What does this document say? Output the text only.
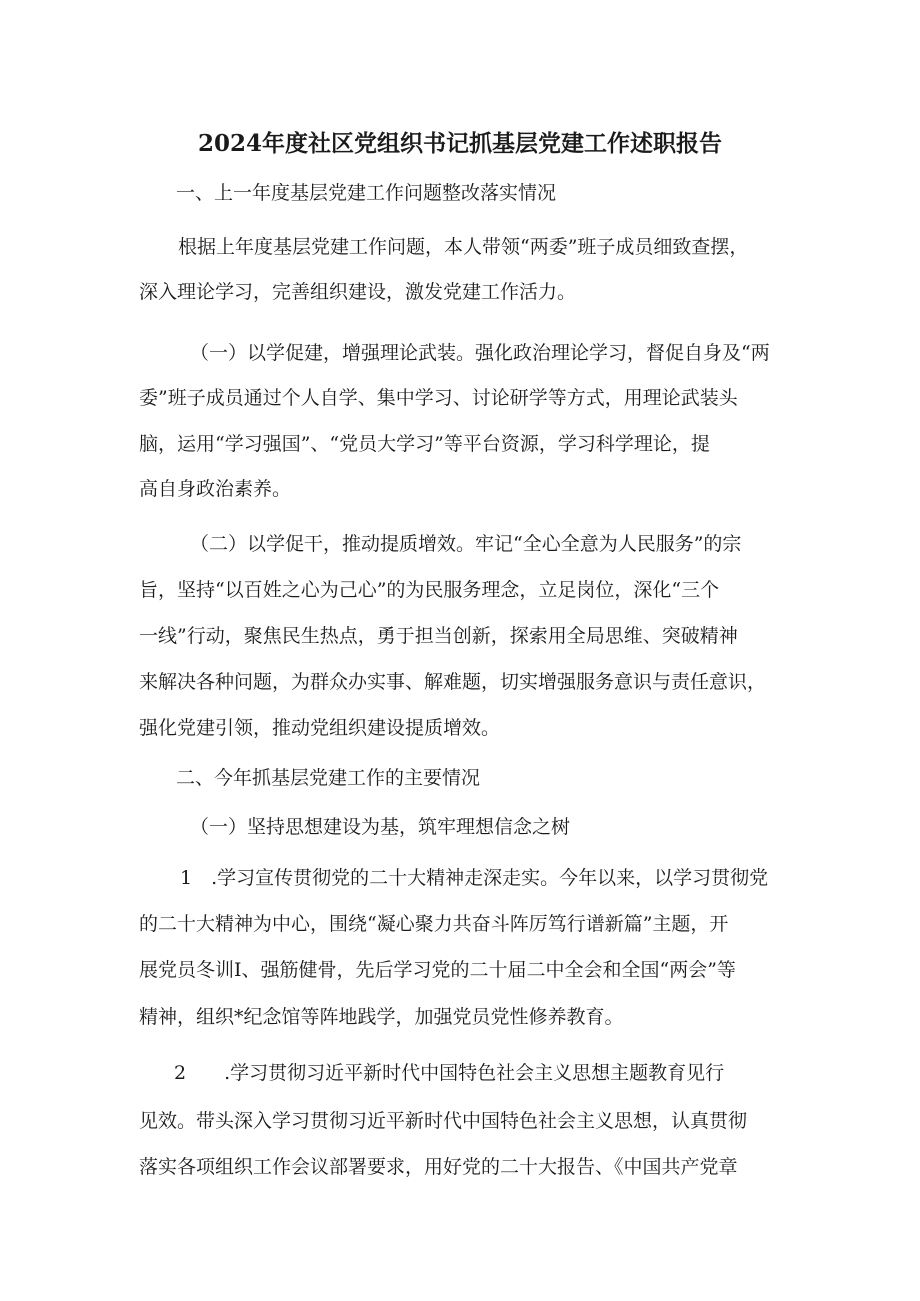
2024年度社区党组织书记抓基层党建工作述职报告
一、上一年度基层党建工作问题整改落实情况
根据上年度基层党建工作问题，本人带领“两委”班子成员细致查摆，
深入理论学习，完善组织建设，激发党建工作活力。
（一）以学促建，增强理论武装。强化政治理论学习，督促自身及“两
委”班子成员通过个人自学、集中学习、讨论研学等方式，用理论武装头
脑，运用“学习强国”、“党员大学习”等平台资源，学习科学理论，提
高自身政治素养。
（二）以学促干，推动提质增效。牢记“全心全意为人民服务”的宗
旨，坚持“以百姓之心为己心”的为民服务理念，立足岗位，深化“三个
一线”行动，聚焦民生热点，勇于担当创新，探索用全局思维、突破精神
来解决各种问题，为群众办实事、解难题，切实增强服务意识与责任意识，
强化党建引领，推动党组织建设提质增效。
二、今年抓基层党建工作的主要情况
（一）坚持思想建设为基，筑牢理想信念之树
1　.学习宣传贯彻党的二十大精神走深走实。今年以来，以学习贯彻党
的二十大精神为中心，围绕“凝心聚力共奋斗阵厉笃行谱新篇”主题，开
展党员冬训I、强筋健骨，先后学习党的二十届二中全会和全国“两会”等
精神，组织*纪念馆等阵地践学，加强党员党性修养教育。
2　　.学习贯彻习近平新时代中国特色社会主义思想主题教育见行
见效。带头深入学习贯彻习近平新时代中国特色社会主义思想，认真贯彻
落实各项组织工作会议部署要求，用好党的二十大报告、《中国共产党章
